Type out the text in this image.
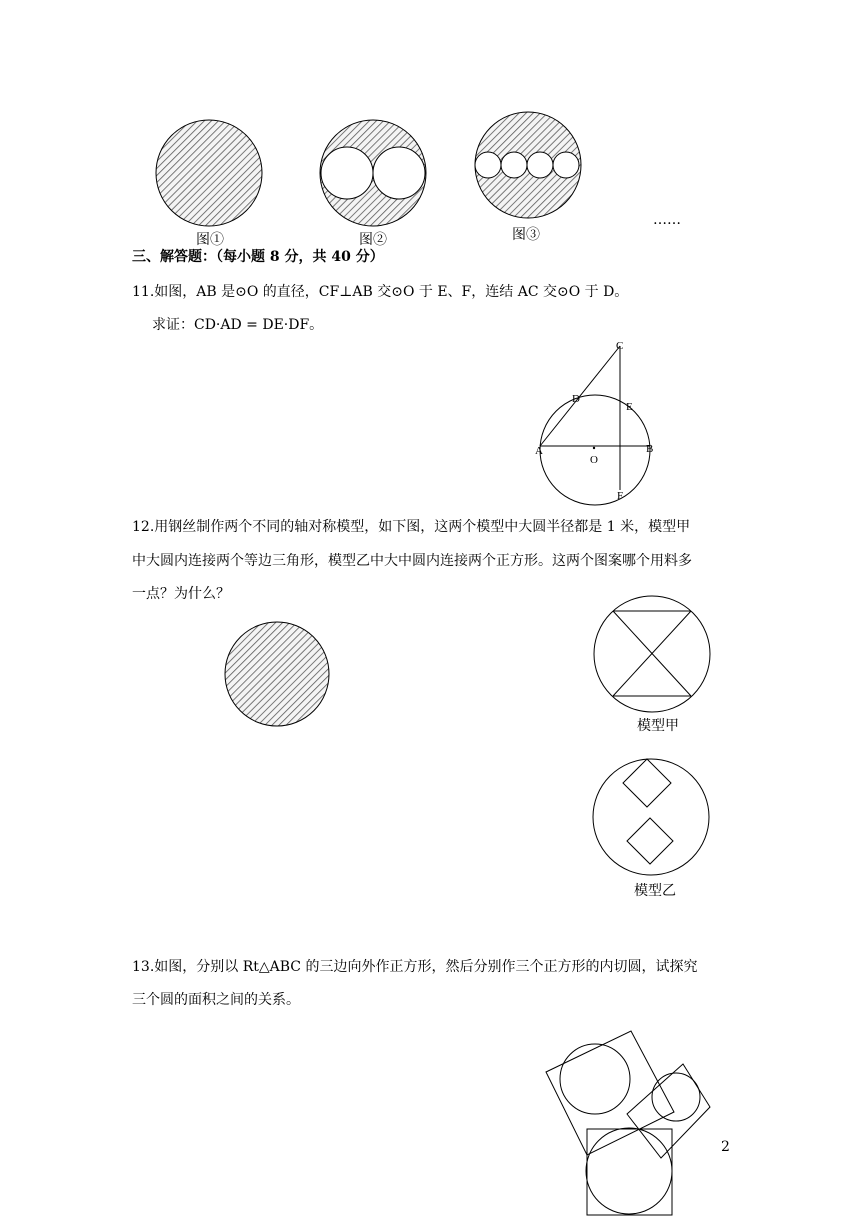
图①	图②	图③
……
三、解答题：（每小题 8 分，共 40 分）
11.如图，AB 是⊙O 的直径，CF⊥AB 交⊙O 于 E、F，连结 AC 交⊙O 于 D。
求证：CD·AD = DE·DF。
C
D
E
A	B
O
F
12.用钢丝制作两个不同的轴对称模型，如下图，这两个模型中大圆半径都是 1 米，模型甲
中大圆内连接两个等边三角形，模型乙中大中圆内连接两个正方形。这两个图案哪个用料多
一点？为什么？
模型甲
模型乙
13.如图，分别以 Rt△ABC 的三边向外作正方形，然后分别作三个正方形的内切圆，试探究
三个圆的面积之间的关系。
2
